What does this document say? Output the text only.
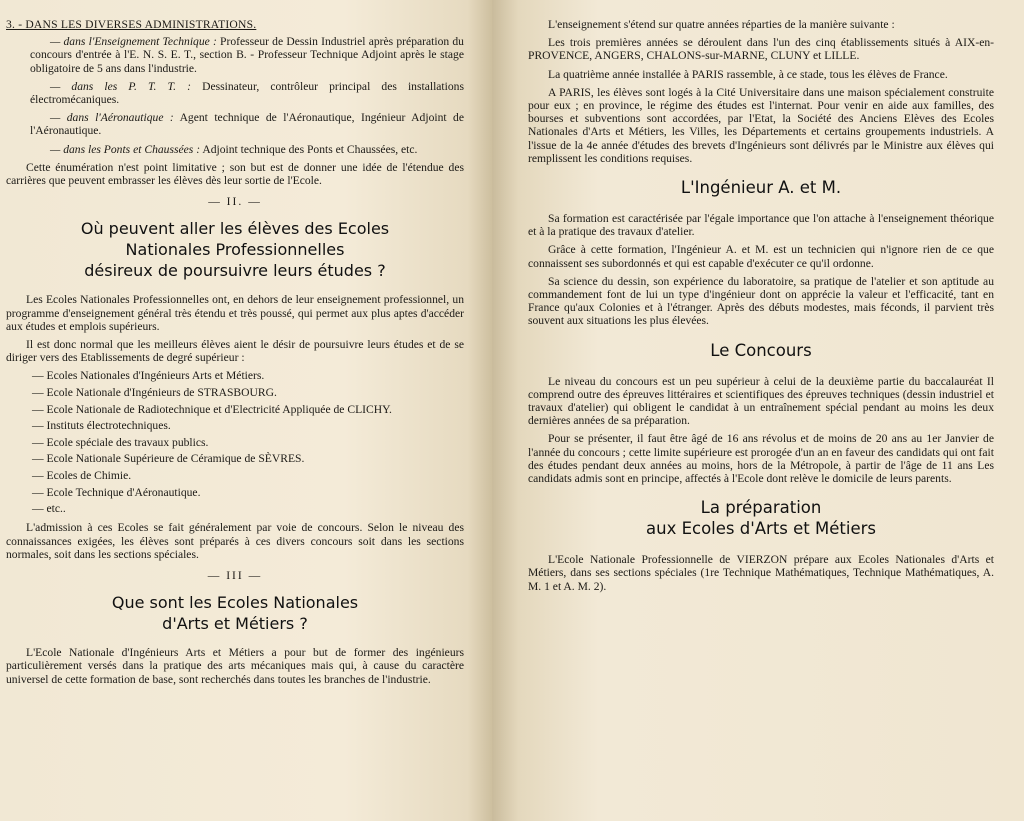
3. - DANS LES DIVERSES ADMINISTRATIONS.

— dans l'Enseignement Technique : Professeur de Dessin Industriel après préparation du concours d'entrée à l'E. N. S. E. T., section B. - Professeur Technique Adjoint après le stage obligatoire de 5 ans dans l'industrie.

— dans les P. T. T. : Dessinateur, contrôleur principal des installations électromécaniques.

— dans l'Aéronautique : Agent technique de l'Aéronautique, Ingénieur Adjoint de l'Aéronautique.

— dans les Ponts et Chaussées : Adjoint technique des Ponts et Chaussées, etc.

Cette énumération n'est point limitative ; son but est de donner une idée de l'étendue des carrières que peuvent embrasser les élèves dès leur sortie de l'Ecole.

— II. —
Où peuvent aller les élèves des Ecoles
Nationales Professionnelles
désireux de poursuivre leurs études ?

Les Ecoles Nationales Professionnelles ont, en dehors de leur enseignement professionnel, un programme d'enseignement général très étendu et très poussé, qui permet aux plus aptes d'accéder aux études et emplois supérieurs.

Il est donc normal que les meilleurs élèves aient le désir de poursuivre leurs études et de se diriger vers des Etablissements de degré supérieur :

— Ecoles Nationales d'Ingénieurs Arts et Métiers.
— Ecole Nationale d'Ingénieurs de STRASBOURG.
— Ecole Nationale de Radiotechnique et d'Electricité Appliquée de CLICHY.
— Instituts électrotechniques.
— Ecole spéciale des travaux publics.
— Ecole Nationale Supérieure de Céramique de SÈVRES.
— Ecoles de Chimie.
— Ecole Technique d'Aéronautique.
— etc..

L'admission à ces Ecoles se fait généralement par voie de concours. Selon le niveau des connaissances exigées, les élèves sont préparés à ces divers concours soit dans les sections normales, soit dans les sections spéciales.

— III —
Que sont les Ecoles Nationales
d'Arts et Métiers ?

L'Ecole Nationale d'Ingénieurs Arts et Métiers a pour but de former des ingénieurs particulièrement versés dans la pratique des arts mécaniques mais qui, à cause du caractère universel de cette formation de base, sont recherchés dans toutes les branches de l'industrie.

L'enseignement s'étend sur quatre années réparties de la manière suivante :

Les trois premières années se déroulent dans l'un des cinq établissements situés à AIX-en-PROVENCE, ANGERS, CHALONS-sur-MARNE, CLUNY et LILLE.

La quatrième année installée à PARIS rassemble, à ce stade, tous les élèves de France.

A PARIS, les élèves sont logés à la Cité Universitaire dans une maison spécialement construite pour eux ; en province, le régime des études est l'internat. Pour venir en aide aux familles, des bourses et subventions sont accordées, par l'Etat, la Société des Anciens Elèves des Ecoles Nationales d'Arts et Métiers, les Villes, les Départements et certains groupements industriels. A l'issue de la 4e année d'études des brevets d'Ingénieurs sont délivrés par le Ministre aux élèves qui remplissent les conditions requises.

L'Ingénieur A. et M.

Sa formation est caractérisée par l'égale importance que l'on attache à l'enseignement théorique et à la pratique des travaux d'atelier.

Grâce à cette formation, l'Ingénieur A. et M. est un technicien qui n'ignore rien de ce que connaissent ses subordonnés et qui est capable d'exécuter ce qu'il ordonne.

Sa science du dessin, son expérience du laboratoire, sa pratique de l'atelier et son aptitude au commandement font de lui un type d'ingénieur dont on apprécie la valeur et l'efficacité, tant en France qu'aux Colonies et à l'étranger. Après des débuts modestes, mais féconds, il parvient très souvent aux situations les plus élevées.

Le Concours

Le niveau du concours est un peu supérieur à celui de la deuxième partie du baccalauréat Il comprend outre des épreuves littéraires et scientifiques des épreuves techniques (dessin industriel et travaux d'atelier) qui obligent le candidat à un entraînement spécial pendant au moins les deux dernières années de sa préparation.

Pour se présenter, il faut être âgé de 16 ans révolus et de moins de 20 ans au 1er Janvier de l'année du concours ; cette limite supérieure est prorogée d'un an en faveur des candidats qui ont fait des études pendant deux années au moins, hors de la Métropole, à partir de l'âge de 11 ans Les candidats admis sont en principe, affectés à l'Ecole dont relève le domicile de leurs parents.

La préparation
aux Ecoles d'Arts et Métiers

L'Ecole Nationale Professionnelle de VIERZON prépare aux Ecoles Nationales d'Arts et Métiers, dans ses sections spéciales (1re Technique Mathématiques, Technique Mathématiques, A. M. 1 et A. M. 2).
